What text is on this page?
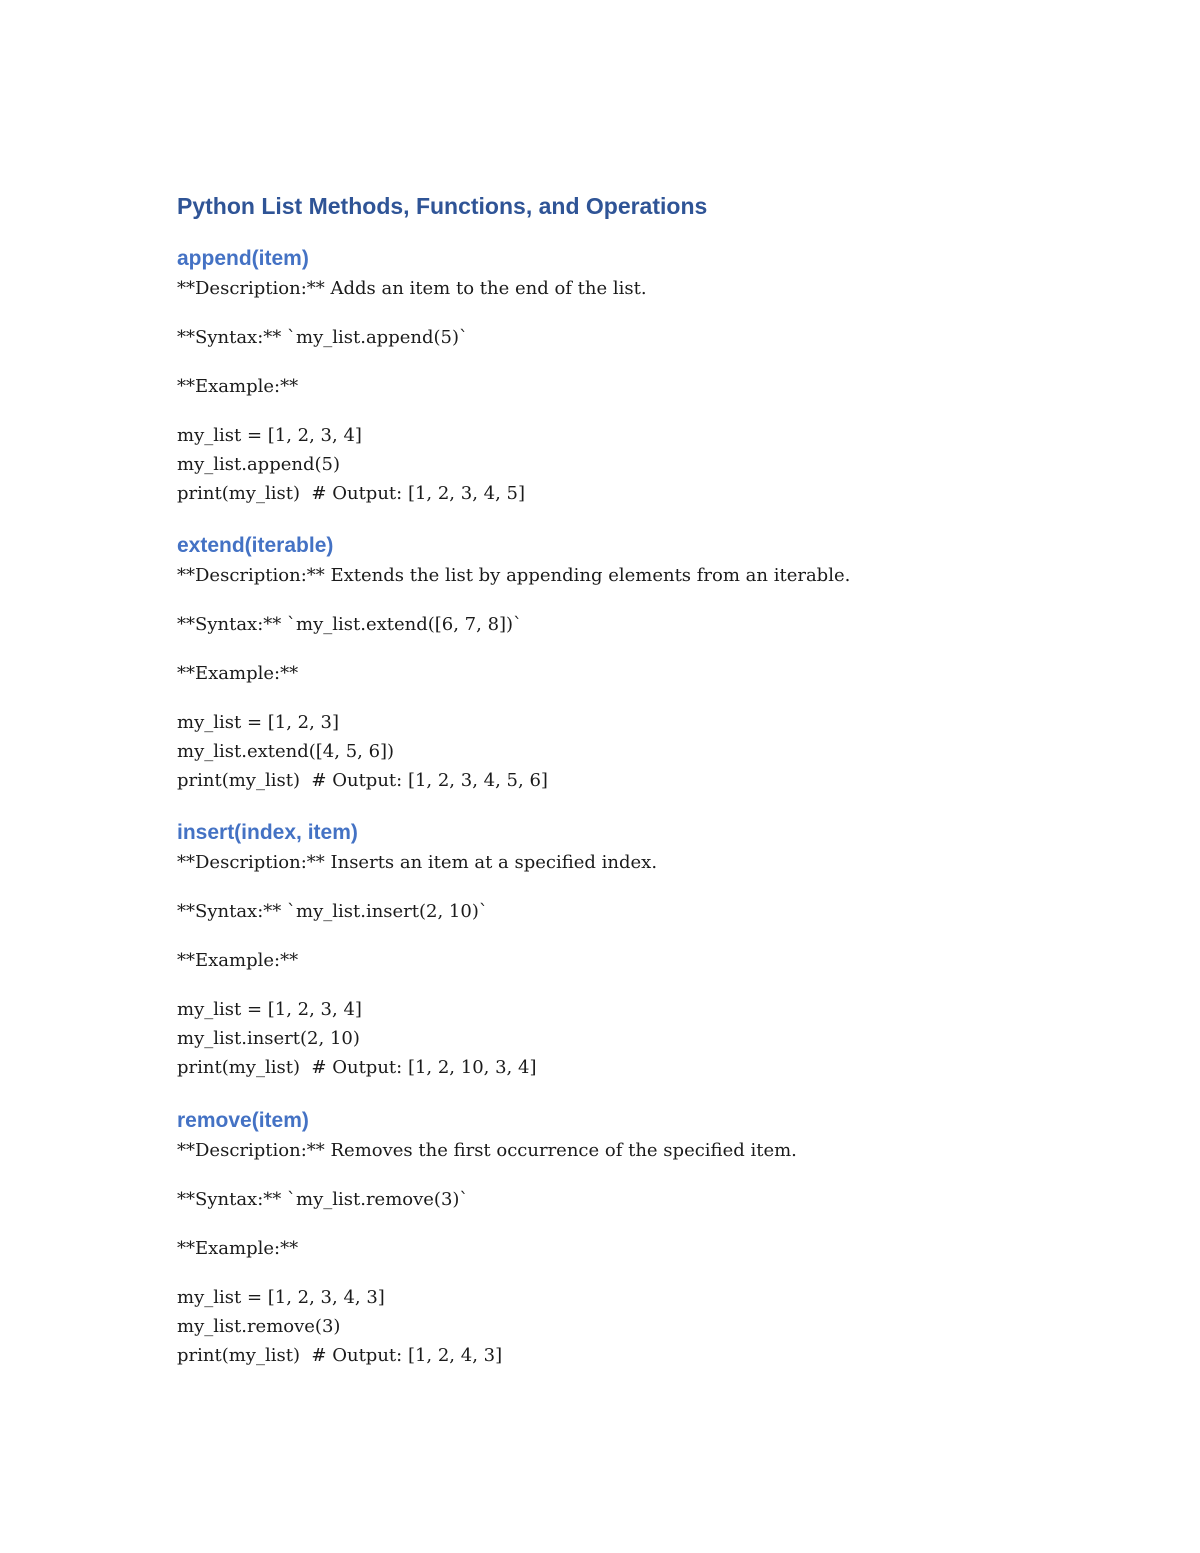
Python List Methods, Functions, and Operations
append(item)
**Description:** Adds an item to the end of the list.
**Syntax:** `my_list.append(5)`
**Example:**
my_list = [1, 2, 3, 4]
my_list.append(5)
print(my_list)  # Output: [1, 2, 3, 4, 5]
extend(iterable)
**Description:** Extends the list by appending elements from an iterable.
**Syntax:** `my_list.extend([6, 7, 8])`
**Example:**
my_list = [1, 2, 3]
my_list.extend([4, 5, 6])
print(my_list)  # Output: [1, 2, 3, 4, 5, 6]
insert(index, item)
**Description:** Inserts an item at a specified index.
**Syntax:** `my_list.insert(2, 10)`
**Example:**
my_list = [1, 2, 3, 4]
my_list.insert(2, 10)
print(my_list)  # Output: [1, 2, 10, 3, 4]
remove(item)
**Description:** Removes the first occurrence of the specified item.
**Syntax:** `my_list.remove(3)`
**Example:**
my_list = [1, 2, 3, 4, 3]
my_list.remove(3)
print(my_list)  # Output: [1, 2, 4, 3]
